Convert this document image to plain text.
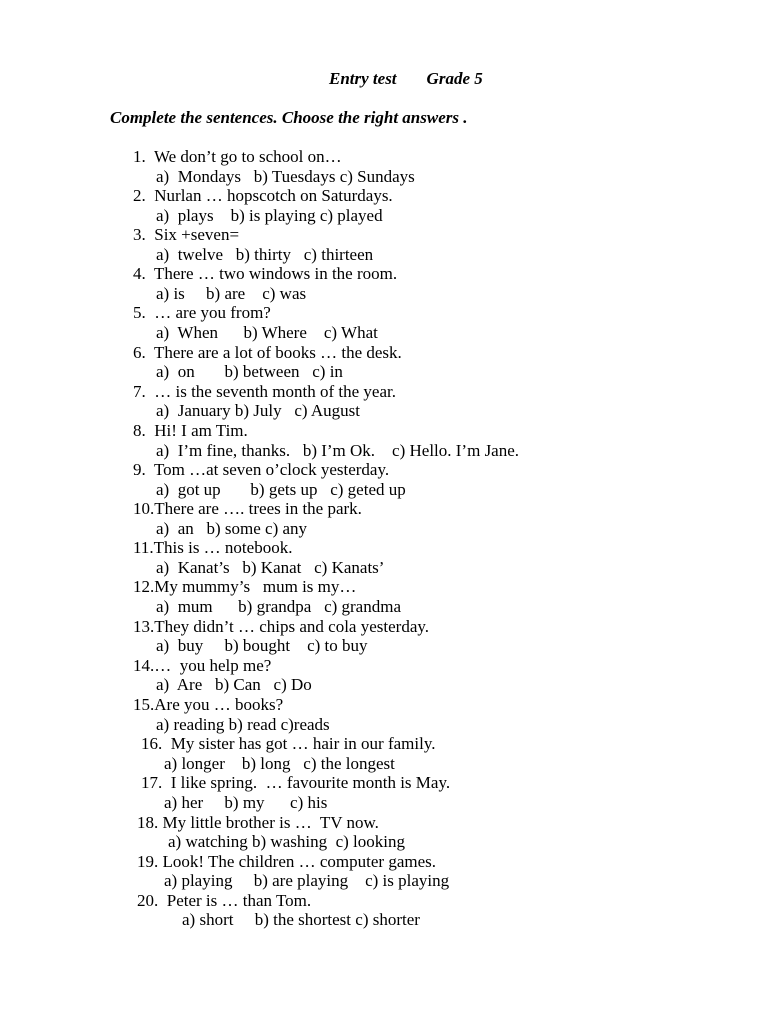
Entry test Grade 5
Complete the sentences. Choose the right answers .
1.  We don’t go to school on…
a)  Mondays   b) Tuesdays c) Sundays
2.  Nurlan … hopscotch on Saturdays.
a)  plays    b) is playing c) played
3.  Six +seven=
a)  twelve   b) thirty   c) thirteen
4.  There … two windows in the room.
a) is     b) are    c) was
5.  … are you from?
a)  When      b) Where    c) What
6.  There are a lot of books … the desk.
a)  on       b) between   c) in
7.  … is the seventh month of the year.
a)  January b) July   c) August
8.  Hi! I am Tim.
a)  I’m fine, thanks.   b) I’m Ok.    c) Hello. I’m Jane.
9.  Tom …at seven o’clock yesterday.
a)  got up       b) gets up   c) geted up
10.There are …. trees in the park.
a)  an   b) some c) any
11.This is … notebook.
a)  Kanat’s   b) Kanat   c) Kanats’
12.My mummy’s   mum is my…
a)  mum      b) grandpa   c) grandma
13.They didn’t … chips and cola yesterday.
a)  buy     b) bought    c) to buy
14.…  you help me?
a)  Are   b) Can   c) Do
15.Are you … books?
a) reading b) read c)reads
16.  My sister has got … hair in our family.
a) longer    b) long   c) the longest
17.  I like spring.  … favourite month is May.
a) her     b) my      c) his
18. My little brother is …  TV now.
a) watching b) washing  c) looking
19. Look! The children … computer games.
a) playing     b) are playing    c) is playing
20.  Peter is … than Tom.
a) short     b) the shortest c) shorter
